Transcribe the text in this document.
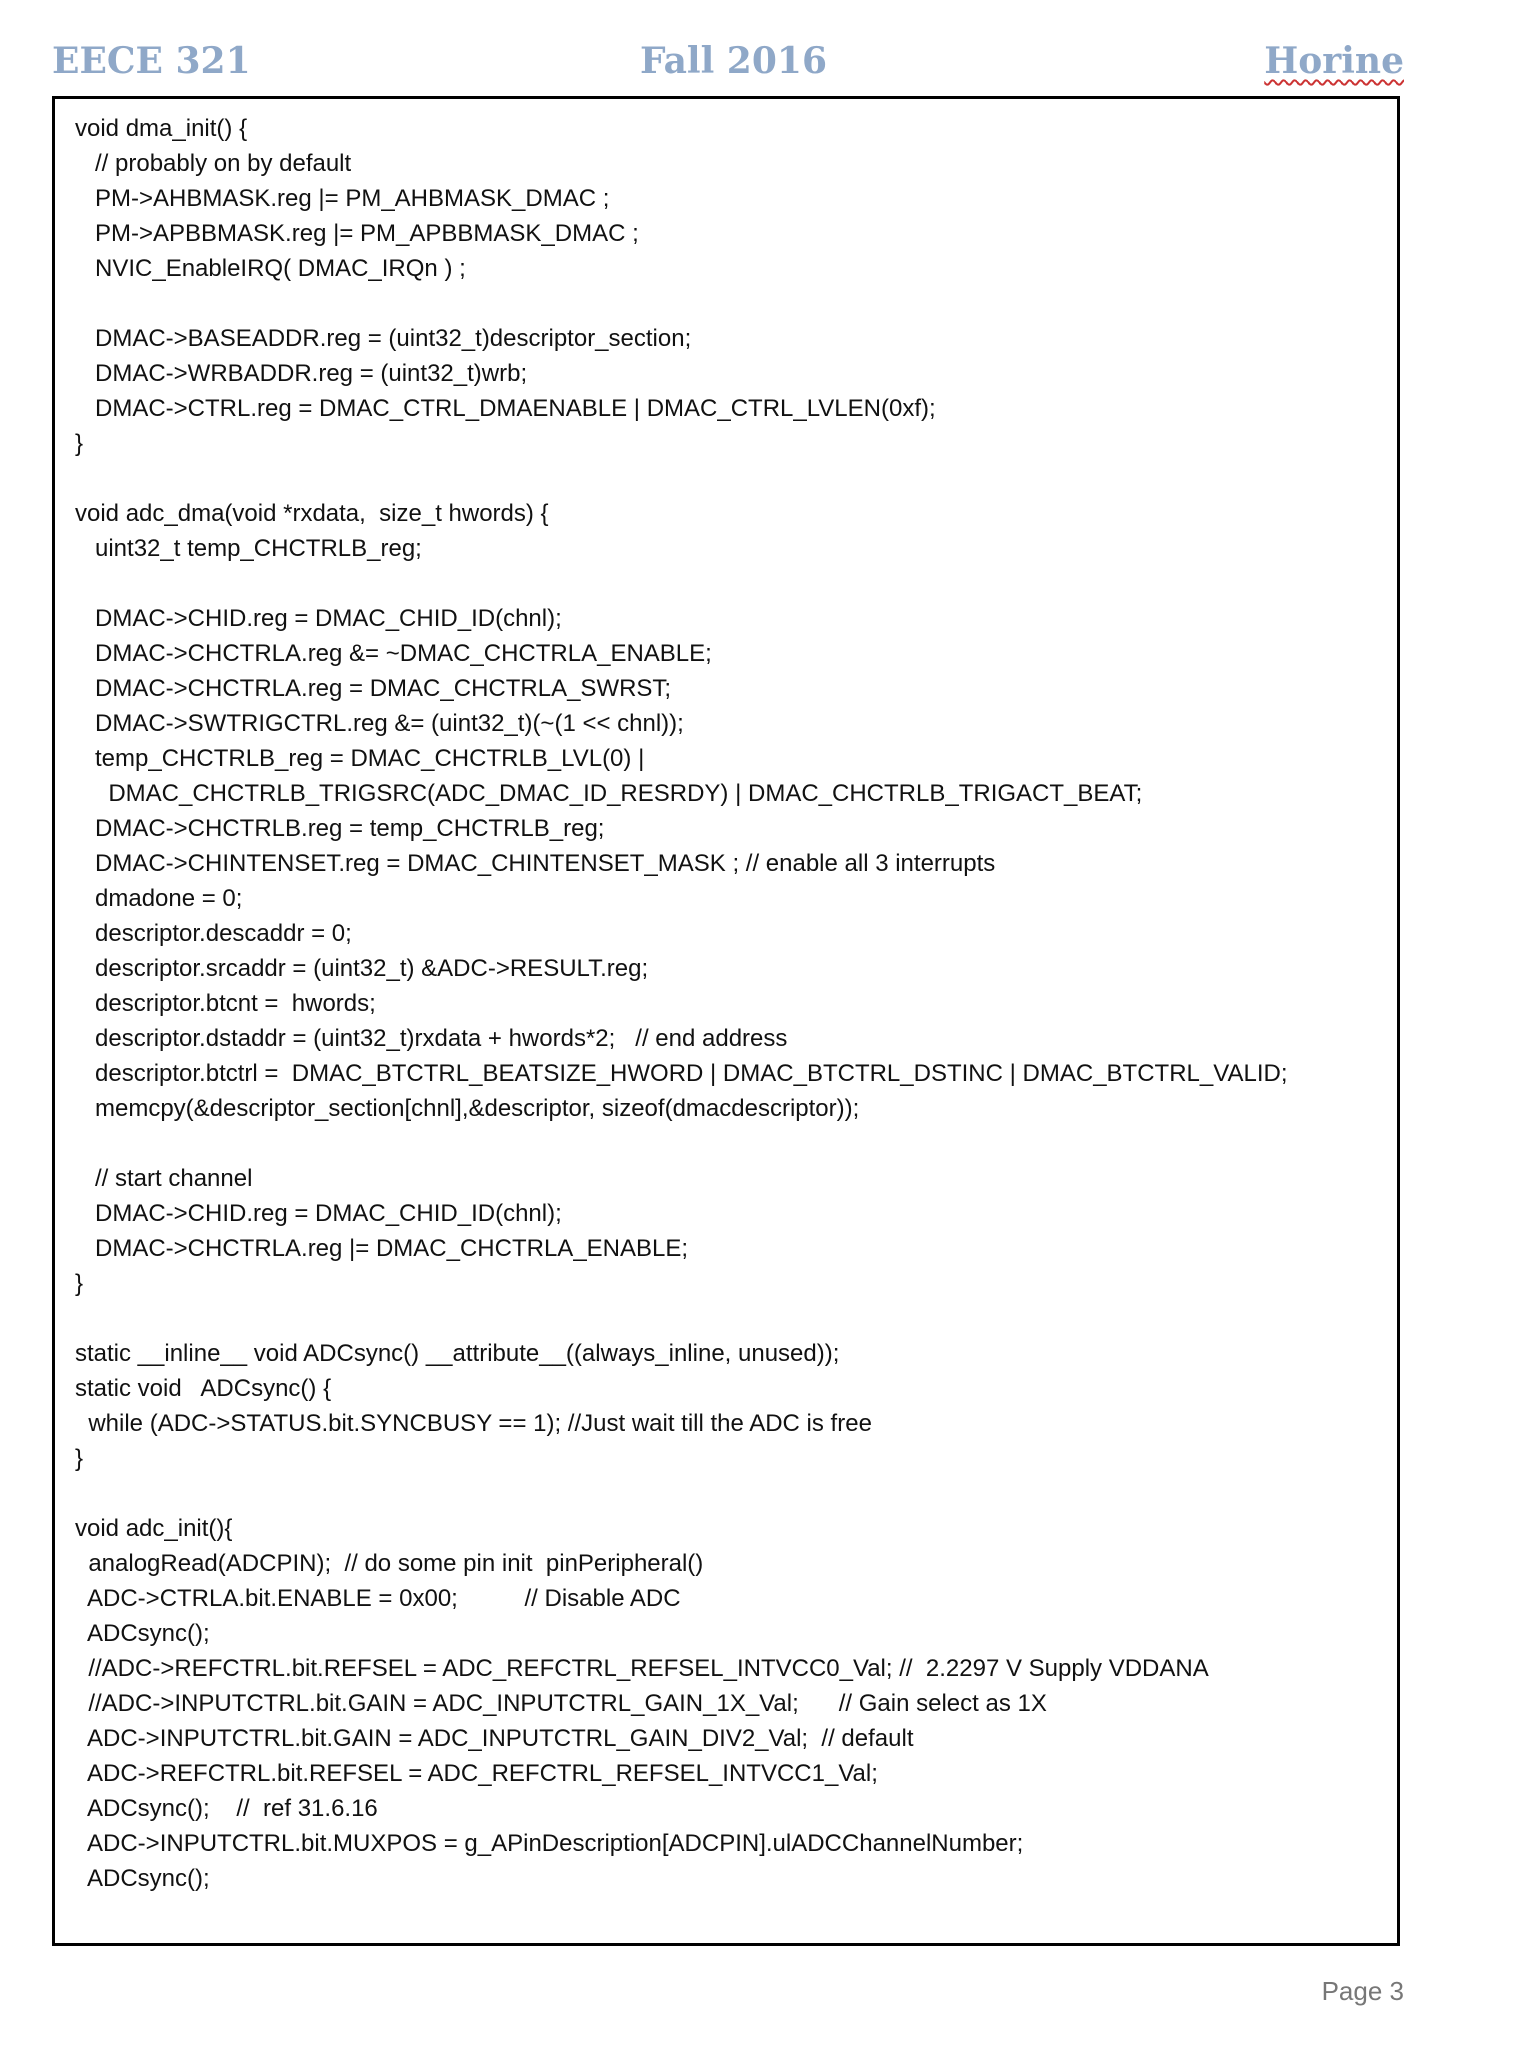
EECE 321	Fall 2016	Horine
void dma_init() {
// probably on by default
PM->AHBMASK.reg |= PM_AHBMASK_DMAC ;
PM->APBBMASK.reg |= PM_APBBMASK_DMAC ;
NVIC_EnableIRQ( DMAC_IRQn ) ;

DMAC->BASEADDR.reg = (uint32_t)descriptor_section;
DMAC->WRBADDR.reg = (uint32_t)wrb;
DMAC->CTRL.reg = DMAC_CTRL_DMAENABLE | DMAC_CTRL_LVLEN(0xf);
}

void adc_dma(void *rxdata,  size_t hwords) {
uint32_t temp_CHCTRLB_reg;

DMAC->CHID.reg = DMAC_CHID_ID(chnl);
DMAC->CHCTRLA.reg &= ~DMAC_CHCTRLA_ENABLE;
DMAC->CHCTRLA.reg = DMAC_CHCTRLA_SWRST;
DMAC->SWTRIGCTRL.reg &= (uint32_t)(~(1 << chnl));
temp_CHCTRLB_reg = DMAC_CHCTRLB_LVL(0) |
DMAC_CHCTRLB_TRIGSRC(ADC_DMAC_ID_RESRDY) | DMAC_CHCTRLB_TRIGACT_BEAT;
DMAC->CHCTRLB.reg = temp_CHCTRLB_reg;
DMAC->CHINTENSET.reg = DMAC_CHINTENSET_MASK ; // enable all 3 interrupts
dmadone = 0;
descriptor.descaddr = 0;
descriptor.srcaddr = (uint32_t) &ADC->RESULT.reg;
descriptor.btcnt =  hwords;
descriptor.dstaddr = (uint32_t)rxdata + hwords*2;   // end address
descriptor.btctrl =  DMAC_BTCTRL_BEATSIZE_HWORD | DMAC_BTCTRL_DSTINC | DMAC_BTCTRL_VALID;
memcpy(&descriptor_section[chnl],&descriptor, sizeof(dmacdescriptor));

// start channel
DMAC->CHID.reg = DMAC_CHID_ID(chnl);
DMAC->CHCTRLA.reg |= DMAC_CHCTRLA_ENABLE;
}

static __inline__ void ADCsync() __attribute__((always_inline, unused));
static void   ADCsync() {
while (ADC->STATUS.bit.SYNCBUSY == 1); //Just wait till the ADC is free
}

void adc_init(){
analogRead(ADCPIN);  // do some pin init  pinPeripheral()
ADC->CTRLA.bit.ENABLE = 0x00;          // Disable ADC
ADCsync();
//ADC->REFCTRL.bit.REFSEL = ADC_REFCTRL_REFSEL_INTVCC0_Val; //  2.2297 V Supply VDDANA
//ADC->INPUTCTRL.bit.GAIN = ADC_INPUTCTRL_GAIN_1X_Val;      // Gain select as 1X
ADC->INPUTCTRL.bit.GAIN = ADC_INPUTCTRL_GAIN_DIV2_Val;  // default
ADC->REFCTRL.bit.REFSEL = ADC_REFCTRL_REFSEL_INTVCC1_Val;
ADCsync();    //  ref 31.6.16
ADC->INPUTCTRL.bit.MUXPOS = g_APinDescription[ADCPIN].ulADCChannelNumber;
ADCsync();
Page 3
